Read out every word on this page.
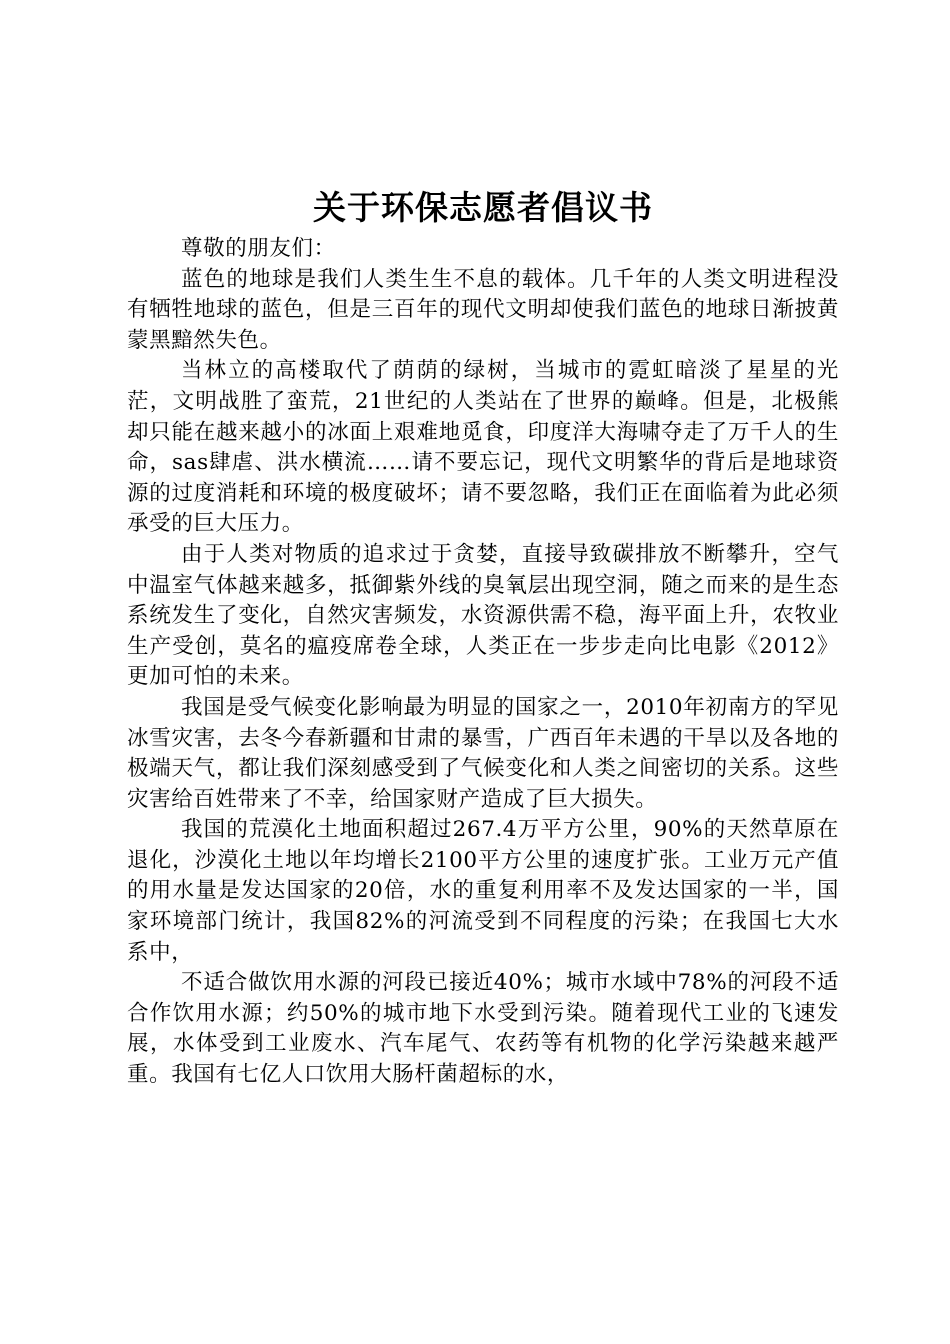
关于环保志愿者倡议书

尊敬的朋友们：

蓝色的地球是我们人类生生不息的载体。几千年的人类文明进程没有牺牲地球的蓝色，但是三百年的现代文明却使我们蓝色的地球日渐披黄蒙黑黯然失色。

当林立的高楼取代了荫荫的绿树，当城市的霓虹暗淡了星星的光茫，文明战胜了蛮荒，21世纪的人类站在了世界的巅峰。但是，北极熊却只能在越来越小的冰面上艰难地觅食，印度洋大海啸夺走了万千人的生命，sas肆虐、洪水横流……请不要忘记，现代文明繁华的背后是地球资源的过度消耗和环境的极度破坏；请不要忽略，我们正在面临着为此必须承受的巨大压力。

由于人类对物质的追求过于贪婪，直接导致碳排放不断攀升，空气中温室气体越来越多，抵御紫外线的臭氧层出现空洞，随之而来的是生态系统发生了变化，自然灾害频发，水资源供需不稳，海平面上升，农牧业生产受创，莫名的瘟疫席卷全球，人类正在一步步走向比电影《2012》更加可怕的未来。

我国是受气候变化影响最为明显的国家之一，2010年初南方的罕见冰雪灾害，去冬今春新疆和甘肃的暴雪，广西百年未遇的干旱以及各地的极端天气，都让我们深刻感受到了气候变化和人类之间密切的关系。这些灾害给百姓带来了不幸，给国家财产造成了巨大损失。

我国的荒漠化土地面积超过267.4万平方公里，90%的天然草原在退化，沙漠化土地以年均增长2100平方公里的速度扩张。工业万元产值的用水量是发达国家的20倍，水的重复利用率不及发达国家的一半，国家环境部门统计，我国82%的河流受到不同程度的污染；在我国七大水系中，

不适合做饮用水源的河段已接近40%；城市水域中78%的河段不适合作饮用水源；约50%的城市地下水受到污染。随着现代工业的飞速发展，水体受到工业废水、汽车尾气、农药等有机物的化学污染越来越严重。我国有七亿人口饮用大肠杆菌超标的水，
